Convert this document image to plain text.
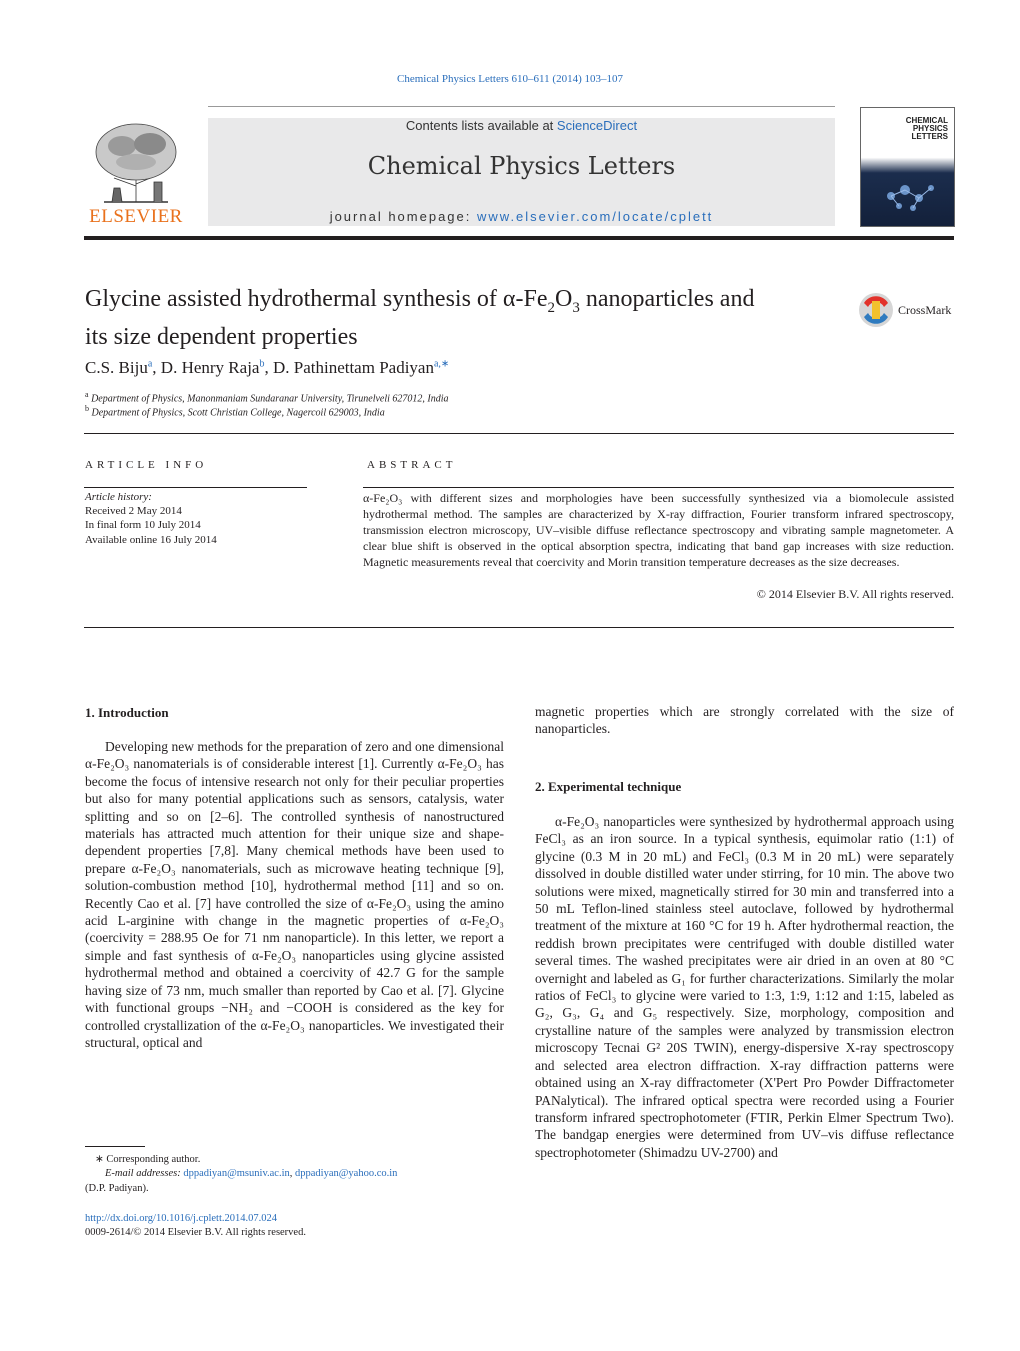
Chemical Physics Letters 610–611 (2014) 103–107
ELSEVIER
Contents lists available at ScienceDirect
Chemical Physics Letters
journal homepage: www.elsevier.com/locate/cplett
CHEMICAL
PHYSICS
LETTERS
Glycine assisted hydrothermal synthesis of $\alpha-Fe_2O_3$ nanoparticles and
its size dependent properties
CrossMark
C.S. Biju$^a$, D. Henry Raja$^b$, D. Pathinettam Padiyan$^{a,∗}$
$^a$ Department of Physics, Manonmaniam Sundaranar University, Tirunelveli 627012, India
$^b$ Department of Physics, Scott Christian College, Nagercoil 629003, India
ARTICLE INFO
Article history:
Received 2 May 2014
In final form 10 July 2014
Available online 16 July 2014
ABSTRACT
α-Fe₂O₃ with different sizes and morphologies have been successfully synthesized via a biomolecule assisted hydrothermal method. The samples are characterized by X-ray diffraction, Fourier transform infrared spectroscopy, transmission electron microscopy, UV–visible diffuse reflectance spectroscopy and vibrating sample magnetometer. A clear blue shift is observed in the optical absorption spectra, indicating that band gap increases with size reduction. Magnetic measurements reveal that coercivity and Morin transition temperature decreases as the size decreases.
© 2014 Elsevier B.V. All rights reserved.
1. Introduction

Developing new methods for the preparation of zero and one dimensional α-Fe₂O₃ nanomaterials is of considerable interest [1]. Currently α-Fe₂O₃ has become the focus of intensive research not only for their peculiar properties but also for many potential applications such as sensors, catalysis, water splitting and so on [2–6]. The controlled synthesis of nanostructured materials has attracted much attention for their unique size and shape-dependent properties [7,8]. Many chemical methods have been used to prepare α-Fe₂O₃ nanomaterials, such as microwave heating technique [9], solution-combustion method [10], hydrothermal method [11] and so on. Recently Cao et al. [7] have controlled the size of α-Fe₂O₃ using the amino acid L-arginine with change in the magnetic properties of α-Fe₂O₃ (coercivity = 288.95 Oe for 71 nm nanoparticle). In this letter, we report a simple and fast synthesis of α-Fe₂O₃ nanoparticles using glycine assisted hydrothermal method and obtained a coercivity of 42.7 G for the sample having size of 73 nm, much smaller than reported by Cao et al. [7]. Glycine with functional groups −NH₂ and −COOH is considered as the key for controlled crystallization of the α-Fe₂O₃ nanoparticles. We investigated their structural, optical and

magnetic properties which are strongly correlated with the size of nanoparticles.

2. Experimental technique

α-Fe₂O₃ nanoparticles were synthesized by hydrothermal approach using FeCl₃ as an iron source. In a typical synthesis, equimolar ratio (1:1) of glycine (0.3 M in 20 mL) and FeCl₃ (0.3 M in 20 mL) were separately dissolved in double distilled water under stirring, for 10 min. The above two solutions were mixed, magnetically stirred for 30 min and transferred into a 50 mL Teflon-lined stainless steel autoclave, followed by hydrothermal treatment of the mixture at 160 °C for 19 h. After hydrothermal reaction, the reddish brown precipitates were centrifuged with double distilled water several times. The washed precipitates were air dried in an oven at 80 °C overnight and labeled as G₁ for further characterizations. Similarly the molar ratios of FeCl₃ to glycine were varied to 1:3, 1:9, 1:12 and 1:15, labeled as G₂, G₃, G₄ and G₅ respectively. Size, morphology, composition and crystalline nature of the samples were analyzed by transmission electron microscopy Tecnai G² 20S TWIN), energy-dispersive X-ray spectroscopy and selected area electron diffraction. X-ray diffraction patterns were obtained using an X-ray diffractometer (X'Pert Pro Powder Diffractometer PANalytical). The infrared optical spectra were recorded using a Fourier transform infrared spectrophotometer (FTIR, Perkin Elmer Spectrum Two). The bandgap energies were determined from UV–vis diffuse reflectance spectrophotometer (Shimadzu UV-2700) and

∗ Corresponding author.
E-mail addresses: dppadiyan@msuniv.ac.in, dppadiyan@yahoo.co.in
(D.P. Padiyan).
http://dx.doi.org/10.1016/j.cplett.2014.07.024
0009-2614/© 2014 Elsevier B.V. All rights reserved.
